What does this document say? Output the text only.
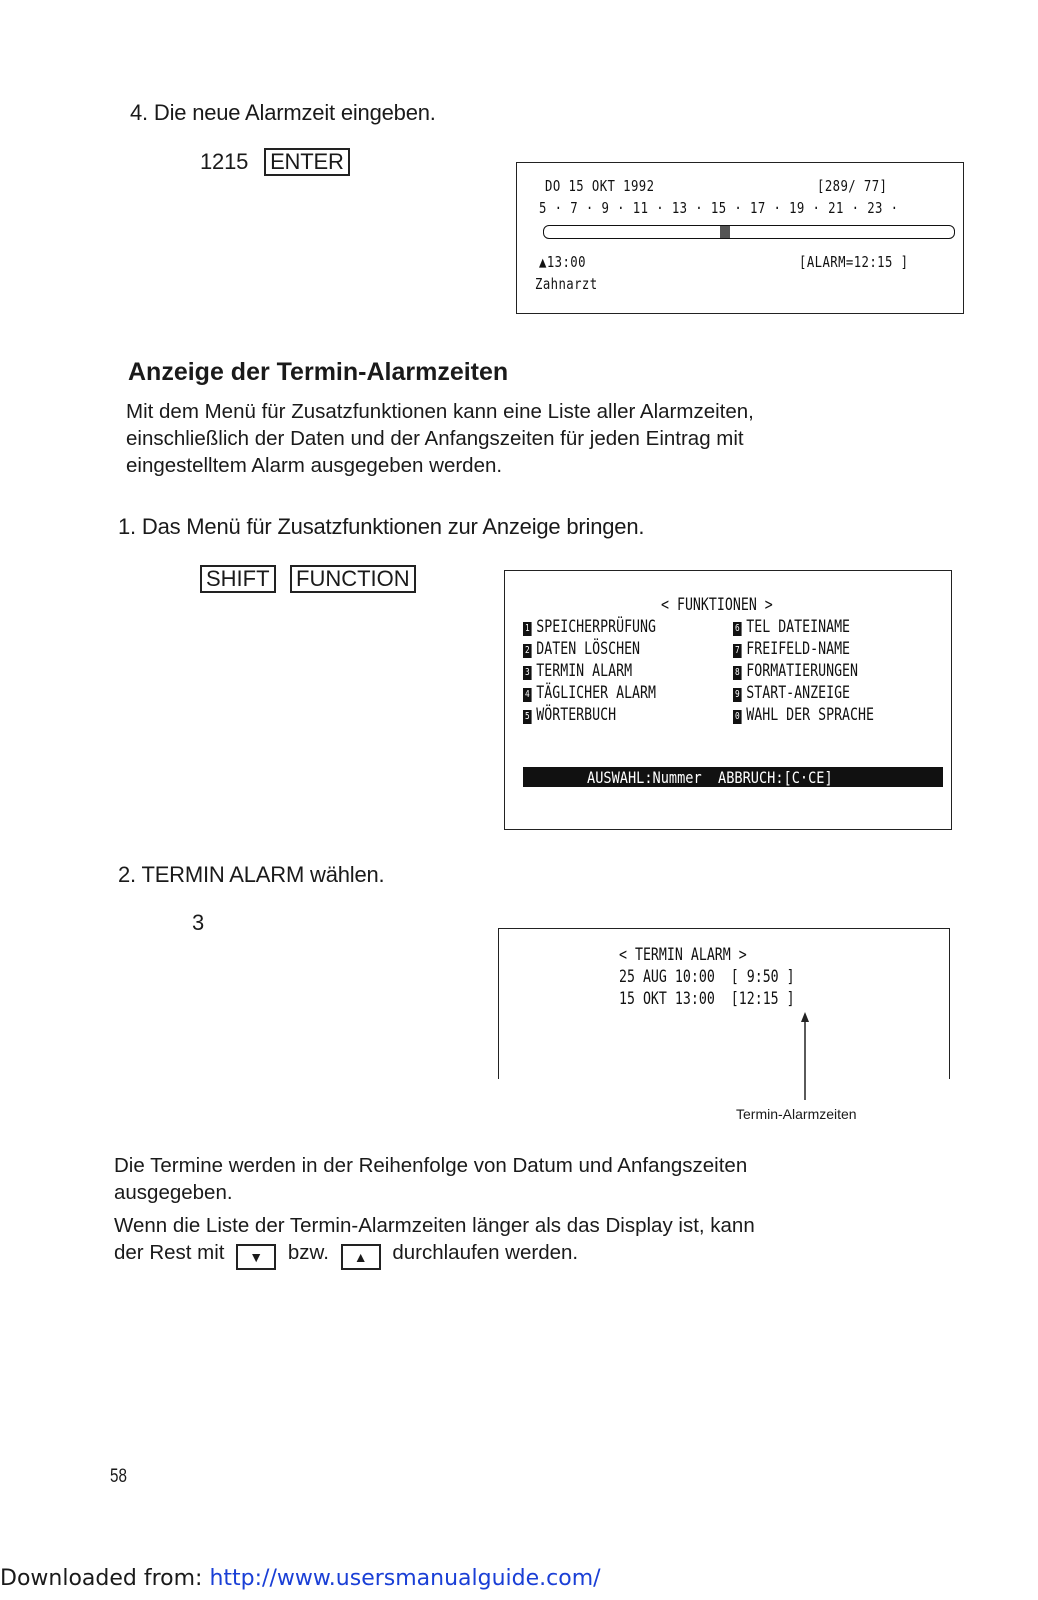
4. Die neue Alarmzeit eingeben.
1215 ENTER
DO 15 OKT 1992	[289/ 77]
5 · 7 · 9 · 11 · 13 · 15 · 17 · 19 · 21 · 23 ·
▲13:00	[ALARM=12:15 ]
Zahnarzt
Anzeige der Termin-Alarmzeiten

Mit dem Menü für Zusatzfunktionen kann eine Liste aller Alarmzeiten,

einschließlich der Daten und der Anfangszeiten für jeden Eintrag mit

eingestelltem Alarm ausgegeben werden.

1. Das Menü für Zusatzfunktionen zur Anzeige bringen.
SHIFT FUNCTION
< FUNKTIONEN >
1 SPEICHERPRÜFUNG
2 DATEN LÖSCHEN
3 TERMIN ALARM
4 TÄGLICHER ALARM
5 WÖRTERBUCH
6 TEL DATEINAME
7 FREIFELD-NAME
8 FORMATIERUNGEN
9 START-ANZEIGE
0 WAHL DER SPRACHE
AUSWAHL:Nummer  ABBRUCH:[C·CE]
2. TERMIN ALARM wählen.
3
< TERMIN ALARM >
25 AUG 10:00  [ 9:50 ]
15 OKT 13:00  [12:15 ]
Termin-Alarmzeiten

Die Termine werden in der Reihenfolge von Datum und Anfangszeiten

ausgegeben.

Wenn die Liste der Termin-Alarmzeiten länger als das Display ist, kann

der Rest mit ▼ bzw. ▲ durchlaufen werden.

58
Downloaded from: http://www.usersmanualguide.com/
